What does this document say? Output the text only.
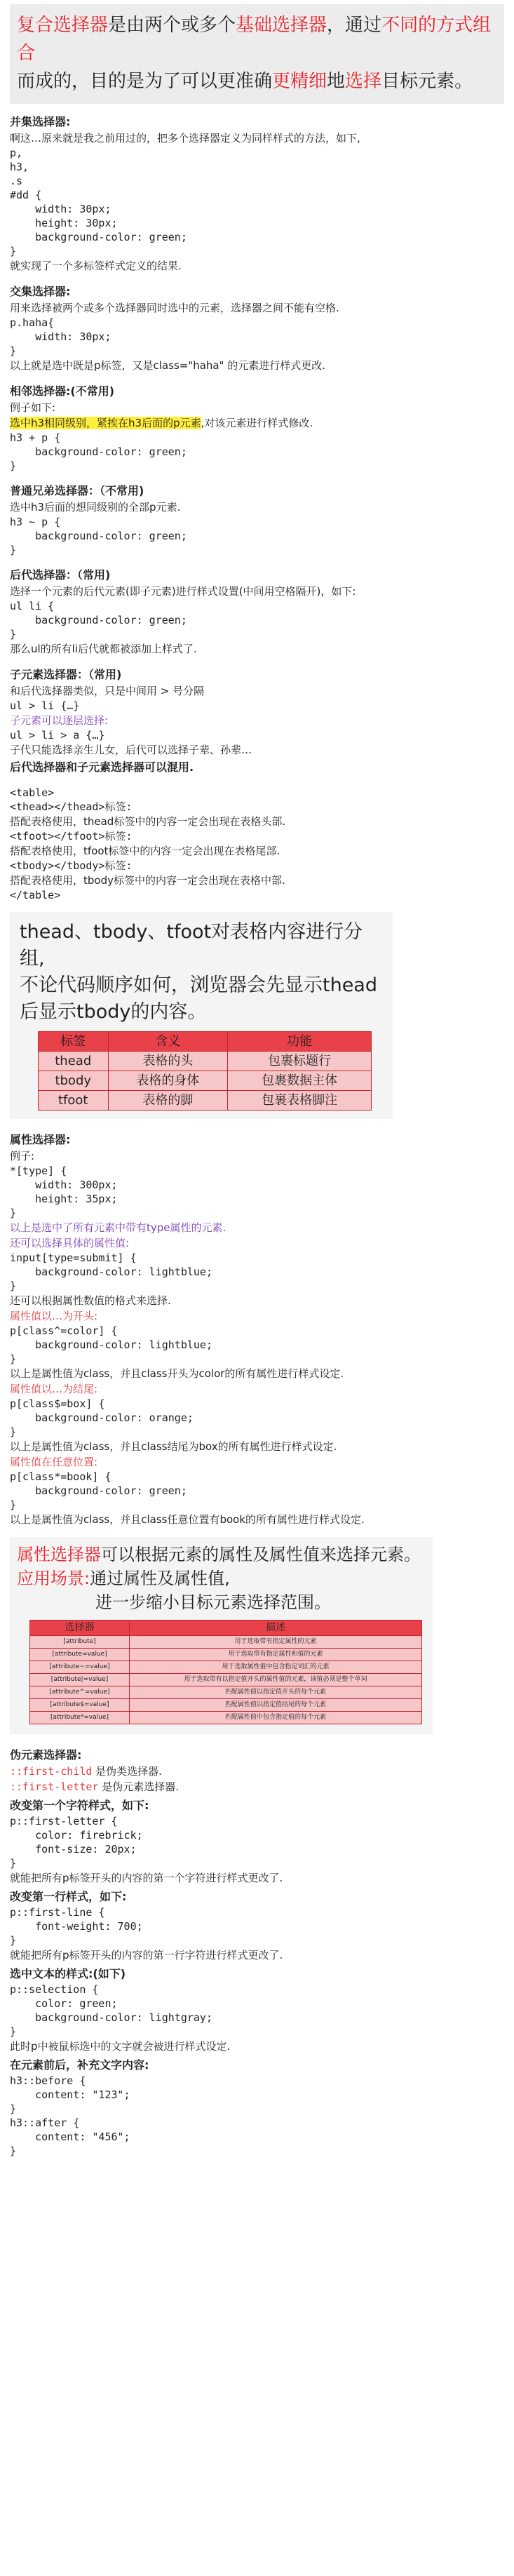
复合选择器是由两个或多个基础选择器，通过不同的方式组合
而成的，目的是为了可以更准确更精细地选择目标元素。
并集选择器:
啊这…原来就是我之前用过的，把多个选择器定义为同样样式的方法，如下,
p,
h3,
.s
#dd {
width: 30px;
height: 30px;
background-color: green;
}
就实现了一个多标签样式定义的结果.
交集选择器:
用来选择被两个或多个选择器同时选中的元素，选择器之间不能有空格.
p.haha{
width: 30px;
}
以上就是选中既是p标签，又是class="haha" 的元素进行样式更改.
相邻选择器:(不常用)
例子如下:
选中h3相同级别，紧挨在h3后面的p元素,对该元素进行样式修改.
h3 + p {
background-color: green;
}
普通兄弟选择器：（不常用)
选中h3后面的想同级别的全部p元素.
h3 ~ p {
background-color: green;
}
后代选择器：（常用)
选择一个元素的后代元素(即子元素)进行样式设置(中间用空格隔开)，如下:
ul li {
background-color: green;
}
那么ul的所有li后代就都被添加上样式了.
子元素选择器：（常用)
和后代选择器类似，只是中间用 > 号分隔
ul > li {…}
子元素可以逐层选择:
ul > li > a {…}
子代只能选择亲生儿女，后代可以选择子辈、孙辈…
后代选择器和子元素选择器可以混用.
<table>
<thead></thead>标签:
搭配表格使用，thead标签中的内容一定会出现在表格头部.
<tfoot></tfoot>标签:
搭配表格使用，tfoot标签中的内容一定会出现在表格尾部.
<tbody></tbody>标签:
搭配表格使用，tbody标签中的内容一定会出现在表格中部.
</table>
thead、tbody、tfoot对表格内容进行分组,
不论代码顺序如何，浏览器会先显示thead
后显示tbody的内容。
标签	含义	功能
thead	表格的头	包裹标题行
tbody	表格的身体	包裹数据主体
tfoot	表格的脚	包裹表格脚注
属性选择器:
例子:
*[type] {
width: 300px;
height: 35px;
}
以上是选中了所有元素中带有type属性的元素.
还可以选择具体的属性值:
input[type=submit] {
background-color: lightblue;
}
还可以根据属性数值的格式来选择.
属性值以…为开头:
p[class^=color] {
background-color: lightblue;
}
以上是属性值为class，并且class开头为color的所有属性进行样式设定.
属性值以…为结尾:
p[class$=box] {
background-color: orange;
}
以上是属性值为class，并且class结尾为box的所有属性进行样式设定.
属性值在任意位置:
p[class*=book] {
background-color: green;
}
以上是属性值为class，并且class任意位置有book的所有属性进行样式设定.
属性选择器可以根据元素的属性及属性值来选择元素。
应用场景:通过属性及属性值,
进一步缩小目标元素选择范围。
选择器	描述
[attribute]	用于选取带有指定属性的元素
[attribute=value]	用于选取带有指定属性和值的元素
[attribute~=value]	用于选取属性值中包含指定词汇的元素
[attribute|=value]	用于选取带有以指定值开头的属性值的元素，该值必须是整个单词
[attribute^=value]	匹配属性值以指定值开头的每个元素
[attribute$=value]	匹配属性值以指定值结尾的每个元素
[attribute*=value]	匹配属性值中包含指定值的每个元素
伪元素选择器:
::first-child 是伪类选择器.
::first-letter 是伪元素选择器.
改变第一个字符样式，如下:
p::first-letter {
color: firebrick;
font-size: 20px;
}
就能把所有p标签开头的内容的第一个字符进行样式更改了.
改变第一行样式，如下:
p::first-line {
font-weight: 700;
}
就能把所有p标签开头的内容的第一行字符进行样式更改了.
选中文本的样式:(如下)
p::selection {
color: green;
background-color: lightgray;
}
此时p中被鼠标选中的文字就会被进行样式设定.
在元素前后，补充文字内容:
h3::before {
content: "123";
}
h3::after {
content: "456";
}
